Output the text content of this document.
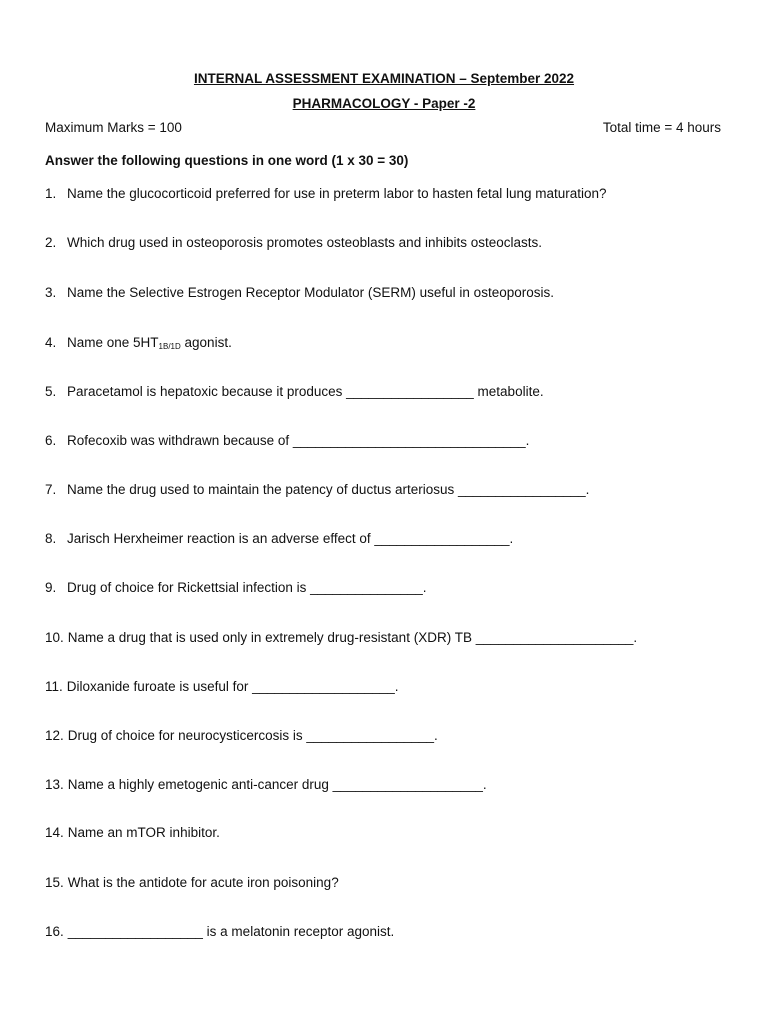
INTERNAL ASSESSMENT EXAMINATION – September 2022
PHARMACOLOGY - Paper -2
Maximum Marks = 100	Total time = 4 hours
Answer the following questions in one word (1 x 30 = 30)
1. Name the glucocorticoid preferred for use in preterm labor to hasten fetal lung maturation?
2. Which drug used in osteoporosis promotes osteoblasts and inhibits osteoclasts.
3. Name the Selective Estrogen Receptor Modulator (SERM) useful in osteoporosis.
4. Name one $5HT_{1B/1D}$ agonist.
5. Paracetamol is hepatoxic because it produces _________________ metabolite.
6. Rofecoxib was withdrawn because of _______________________________.
7. Name the drug used to maintain the patency of ductus arteriosus _________________.
8. Jarisch Herxheimer reaction is an adverse effect of __________________.
9. Drug of choice for Rickettsial infection is _______________.
10. Name a drug that is used only in extremely drug-resistant (XDR) TB _____________________.
11. Diloxanide furoate is useful for ___________________.
12. Drug of choice for neurocysticercosis is _________________.
13. Name a highly emetogenic anti-cancer drug ____________________.
14. Name an mTOR inhibitor.
15. What is the antidote for acute iron poisoning?
16. __________________ is a melatonin receptor agonist.
